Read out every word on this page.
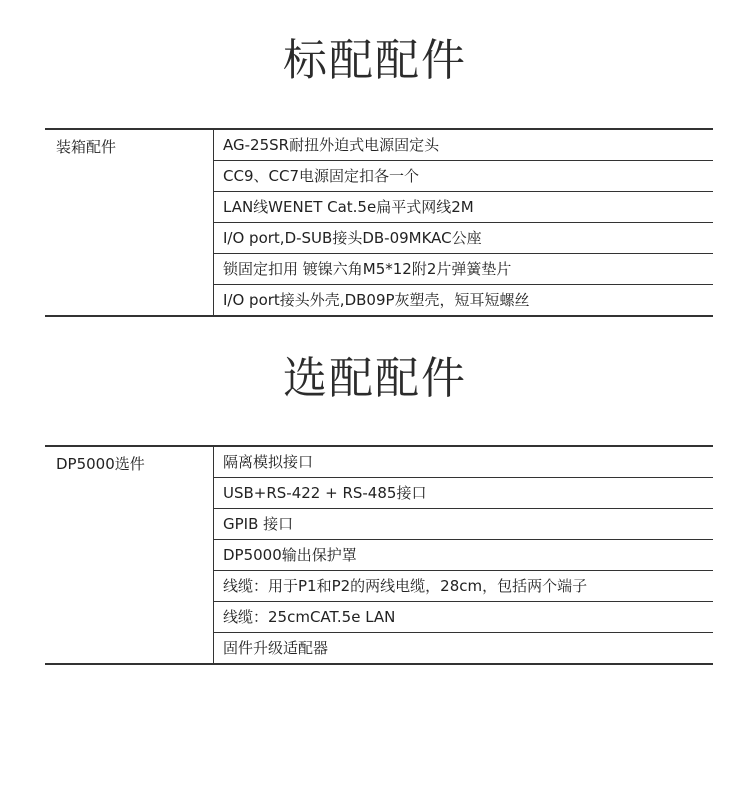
标配配件
装箱配件	AG-25SR耐扭外迫式电源固定头
CC9、CC7电源固定扣各一个
LAN线WENET Cat.5e扁平式网线2M
I/O port,D-SUB接头DB-09MKAC公座
锁固定扣用 镀镍六角M5*12附2片弹簧垫片
I/O port接头外壳,DB09P灰塑壳，短耳短螺丝
选配配件
DP5000选件	隔离模拟接口
USB+RS-422 + RS-485接口
GPIB 接口
DP5000输出保护罩
线缆：用于P1和P2的两线电缆，28cm，包括两个端子
线缆：25cmCAT.5e LAN
固件升级适配器
